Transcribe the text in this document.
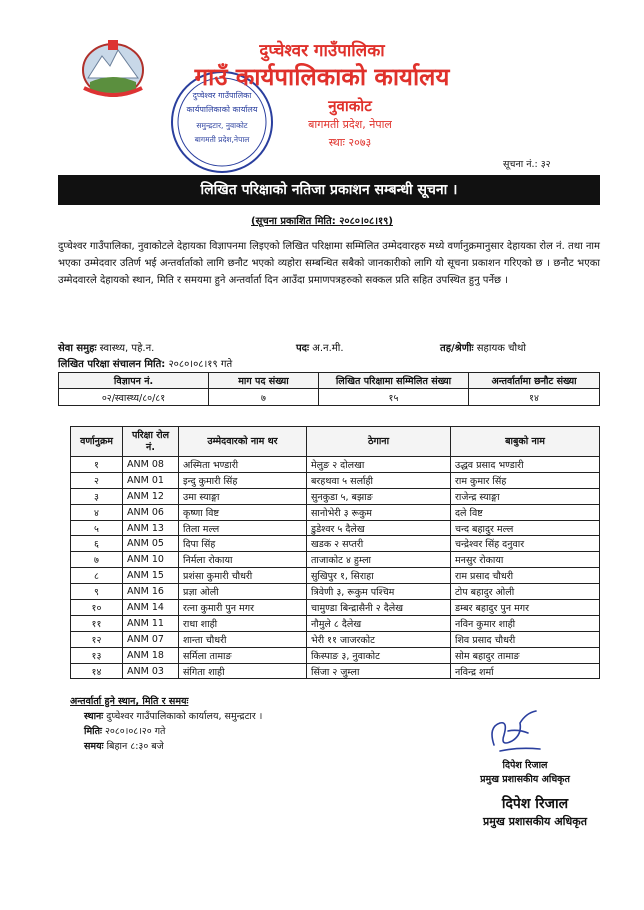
दुप्चेश्वर गाउँपालिका
कार्यपालिकाको कार्यालय
समुन्द्रटार, नुवाकोट
बागमती प्रदेश,नेपाल
दुप्चेश्वर गाउँपालिका
गाउँ कार्यपालिकाको कार्यालय
नुवाकोट
बागमती प्रदेश, नेपाल
स्थाः २०७३
सूचना नं.: ३२
लिखित परिक्षाको नतिजा प्रकाशन सम्बन्धी सूचना ।
(सूचना प्रकाशित मिति: २०८०।०८।१९)
दुप्चेश्वर गाउँपालिका, नुवाकोटले देहायका विज्ञापनमा लिइएको लिखित परिक्षामा सम्मिलित उम्मेदवारहरु मध्ये वर्णानुक्रमानुसार देहायका रोल नं. तथा नाम भएका उम्मेदवार उतिर्ण भई अन्तर्वार्ताको लागि छनौट भएको व्यहोरा सम्बन्धित सबैको जानकारीको लागि यो सूचना प्रकाशन गरिएको छ । छनौट भएका उम्मेदवारले देहायको स्थान, मिति र समयमा हुने अन्तर्वार्ता दिन आउँदा प्रमाणपत्रहरुको सक्कल प्रति सहित उपस्थित हुनु पर्नेछ ।
सेवा समुहः स्वास्थ्य, पहे.न.	पदः अ.न.मी.	तह/श्रेणीः सहायक चौथो
लिखित परिक्षा संचालन मिति: २०८०।०८।१९ गते
विज्ञापन नं.	माग पद संख्या	लिखित परिक्षामा सम्मिलित संख्या	अन्तर्वार्तामा छनौट संख्या
०२/स्वास्थ्य/८०/८१	७	१५	१४
वर्णानुक्रम	परिक्षा रोल नं.	उम्मेदवारको नाम थर	ठेगाना	बाबुको नाम
१	ANM 08	अस्मिता भण्डारी	मेलुङ २ दोलखा	उद्धव प्रसाद भण्डारी
२	ANM 01	इन्दु कुमारी सिंह	बरहथवा ५ सर्लाही	राम कुमार सिंह
३	ANM 12	उमा स्याङ्गा	सुनकुडा ५, बझाङ	राजेन्द्र स्याङ्गा
४	ANM 06	कृष्णा विष्ट	सानोभेरी ३ रूकुम	दले विष्ट
५	ANM 13	तिला मल्ल	डुडेश्वर ५ दैलेख	चन्द बहादुर मल्ल
६	ANM 05	दिपा सिंह	खडक २ सप्तरी	चन्द्रेश्वर सिंह दनुवार
७	ANM 10	निर्मला रोकाया	ताजाकोट ४ हुम्ला	मनसुर रोकाया
८	ANM 15	प्रशंसा कुमारी चौधरी	सुखिपुर १, सिराहा	राम प्रसाद चौधरी
९	ANM 16	प्रज्ञा ओली	त्रिवेणी ३, रूकुम पश्चिम	टोप बहादुर ओली
१०	ANM 14	रत्ना कुमारी पुन मगर	चामुण्डा बिन्द्रासैनी २ दैलेख	डम्बर बहादुर पुन मगर
११	ANM 11	राधा शाही	नौमुले ८ दैलेख	नविन कुमार शाही
१२	ANM 07	शान्ता चौधरी	भेरी ११ जाजरकोट	शिव प्रसाद चौधरी
१३	ANM 18	सर्मिला तामाङ	किस्पाङ ३, नुवाकोट	सोम बहादुर तामाङ
१४	ANM 03	संगिता शाही	सिंजा २ जुम्ला	नविन्द्र शर्मा
अन्तर्वार्ता हुने स्थान, मिति र समयः
स्थानः दुप्चेश्वर गाउँपालिकाको कार्यालय, समुन्द्रटार ।
मितिः २०८०।०८।२० गते
समयः बिहान ८:३० बजे
दिपेश रिजाल
प्रमुख प्रशासकीय अधिकृत
दिपेश रिजाल
प्रमुख प्रशासकीय अधिकृत
